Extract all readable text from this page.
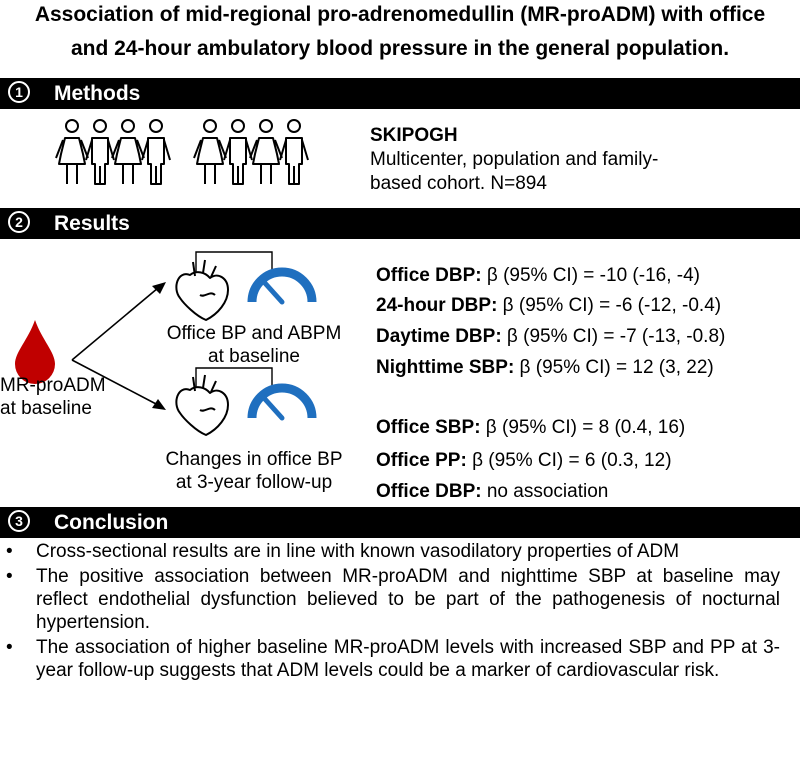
Association of mid-regional pro-adrenomedullin (MR-proADM) with office
and 24-hour ambulatory blood pressure in the general population.
1	Methods
SKIPOGH
Multicenter, population and family-
based cohort. N=894
2	Results
MR-proADM
at baseline
Office BP and ABPM
at baseline
Changes in office BP
at 3-year follow-up
Office DBP: β (95% CI) = -10 (-16, -4)
24-hour DBP: β (95% CI) = -6 (-12, -0.4)
Daytime DBP: β (95% CI) = -7 (-13, -0.8)
Nighttime SBP: β (95% CI) = 12 (3, 22)
Office SBP: β (95% CI) = 8 (0.4, 16)
Office PP: β (95% CI) = 6 (0.3, 12)
Office DBP: no association
3	Conclusion
• Cross-sectional results are in line with known vasodilatory properties of ADM
• The positive association between MR-proADM and nighttime SBP at baseline may reflect endothelial dysfunction believed to be part of the pathogenesis of nocturnal hypertension.
• The association of higher baseline MR-proADM levels with increased SBP and PP at 3-year follow-up suggests that ADM levels could be a marker of cardiovascular risk.
